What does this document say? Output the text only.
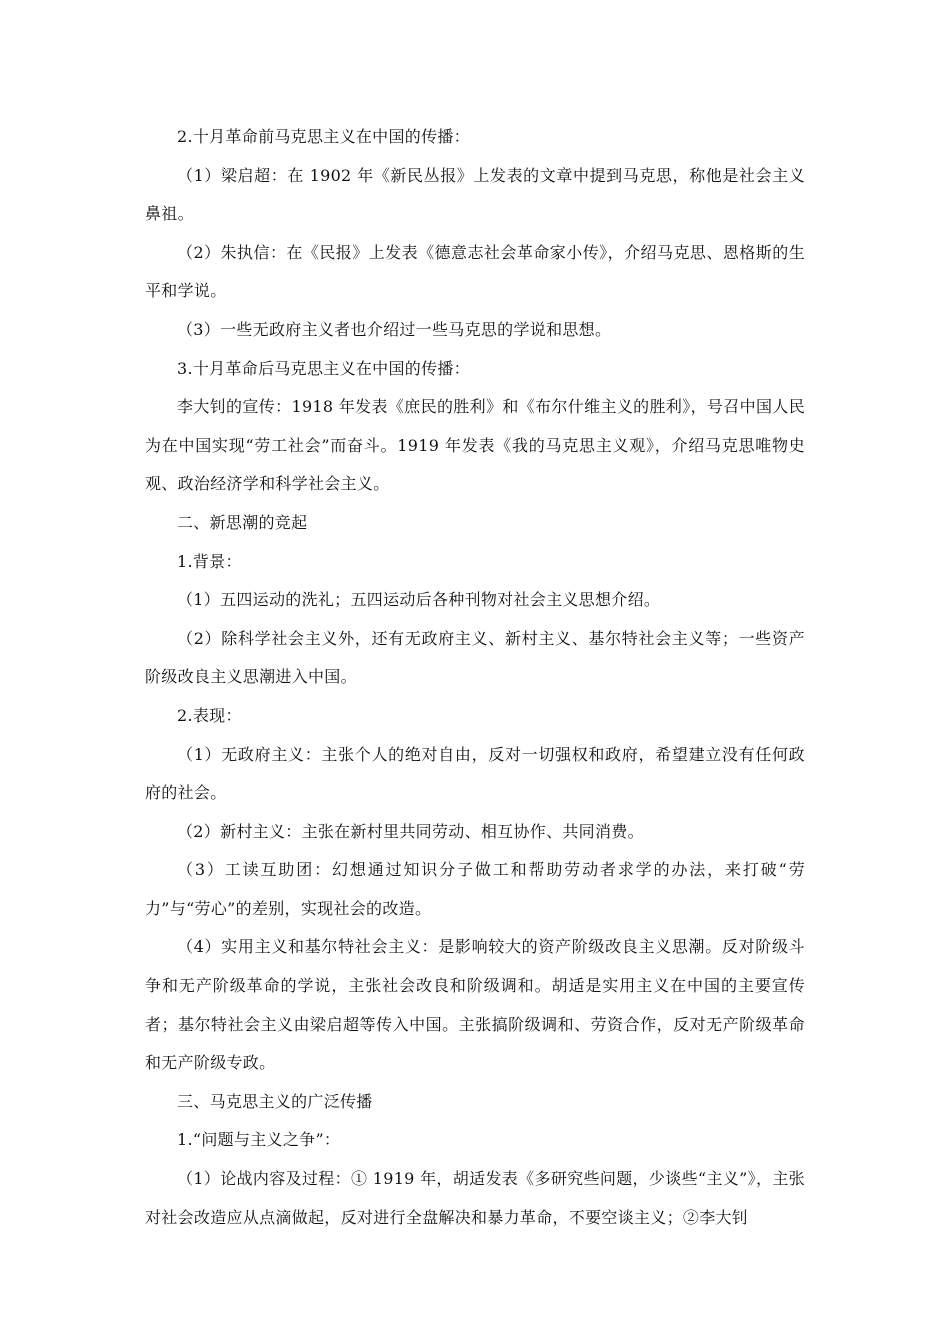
2.十月革命前马克思主义在中国的传播：

（1）梁启超：在 1902 年《新民丛报》上发表的文章中提到马克思，称他是社会主义鼻祖。

（2）朱执信：在《民报》上发表《德意志社会革命家小传》，介绍马克思、恩格斯的生平和学说。

（3）一些无政府主义者也介绍过一些马克思的学说和思想。

3.十月革命后马克思主义在中国的传播：

李大钊的宣传：1918 年发表《庶民的胜利》和《布尔什维主义的胜利》，号召中国人民为在中国实现“劳工社会”而奋斗。1919 年发表《我的马克思主义观》，介绍马克思唯物史观、政治经济学和科学社会主义。

二、新思潮的竞起

1.背景：

（1）五四运动的洗礼；五四运动后各种刊物对社会主义思想介绍。

（2）除科学社会主义外，还有无政府主义、新村主义、基尔特社会主义等；一些资产阶级改良主义思潮进入中国。

2.表现：

（1）无政府主义：主张个人的绝对自由，反对一切强权和政府，希望建立没有任何政府的社会。

（2）新村主义：主张在新村里共同劳动、相互协作、共同消费。

（3）工读互助团：幻想通过知识分子做工和帮助劳动者求学的办法，来打破“劳力”与“劳心”的差别，实现社会的改造。

（4）实用主义和基尔特社会主义：是影响较大的资产阶级改良主义思潮。反对阶级斗争和无产阶级革命的学说，主张社会改良和阶级调和。胡适是实用主义在中国的主要宣传者；基尔特社会主义由梁启超等传入中国。主张搞阶级调和、劳资合作，反对无产阶级革命和无产阶级专政。

三、马克思主义的广泛传播

1.“问题与主义之争”：

（1）论战内容及过程：① 1919 年，胡适发表《多研究些问题，少谈些“主义”》，主张对社会改造应从点滴做起，反对进行全盘解决和暴力革命，不要空谈主义；②李大钊
